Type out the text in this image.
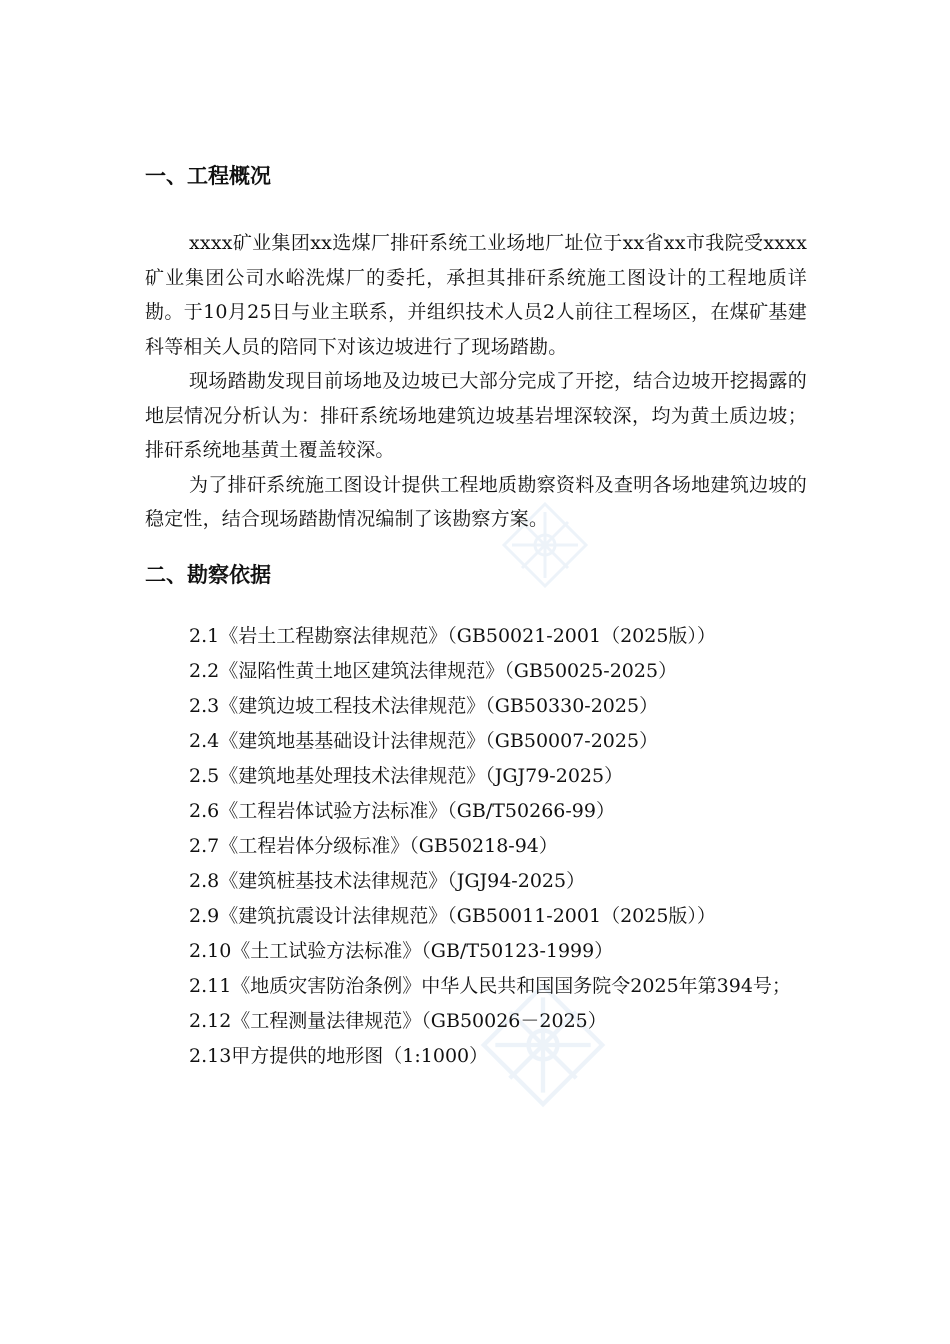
一、工程概况

xxxx矿业集团xx选煤厂排矸系统工业场地厂址位于xx省xx市我院受xxxx矿业集团公司水峪洗煤厂的委托，承担其排矸系统施工图设计的工程地质详勘。于10月25日与业主联系，并组织技术人员2人前往工程场区，在煤矿基建科等相关人员的陪同下对该边坡进行了现场踏勘。

现场踏勘发现目前场地及边坡已大部分完成了开挖，结合边坡开挖揭露的地层情况分析认为：排矸系统场地建筑边坡基岩埋深较深，均为黄土质边坡；排矸系统地基黄土覆盖较深。

为了排矸系统施工图设计提供工程地质勘察资料及查明各场地建筑边坡的稳定性，结合现场踏勘情况编制了该勘察方案。

二、勘察依据
2.1《岩土工程勘察法律规范》（GB50021-2001（2025版））
2.2《湿陷性黄土地区建筑法律规范》（GB50025-2025）
2.3《建筑边坡工程技术法律规范》（GB50330-2025）
2.4《建筑地基基础设计法律规范》（GB50007-2025）
2.5《建筑地基处理技术法律规范》（JGJ79-2025）
2.6《工程岩体试验方法标准》（GB/T50266-99）
2.7《工程岩体分级标准》（GB50218-94）
2.8《建筑桩基技术法律规范》（JGJ94-2025）
2.9《建筑抗震设计法律规范》（GB50011-2001（2025版））
2.10《土工试验方法标准》（GB/T50123-1999）
2.11《地质灾害防治条例》中华人民共和国国务院令2025年第394号；
2.12《工程测量法律规范》（GB50026－2025）
2.13甲方提供的地形图（1:1000）
